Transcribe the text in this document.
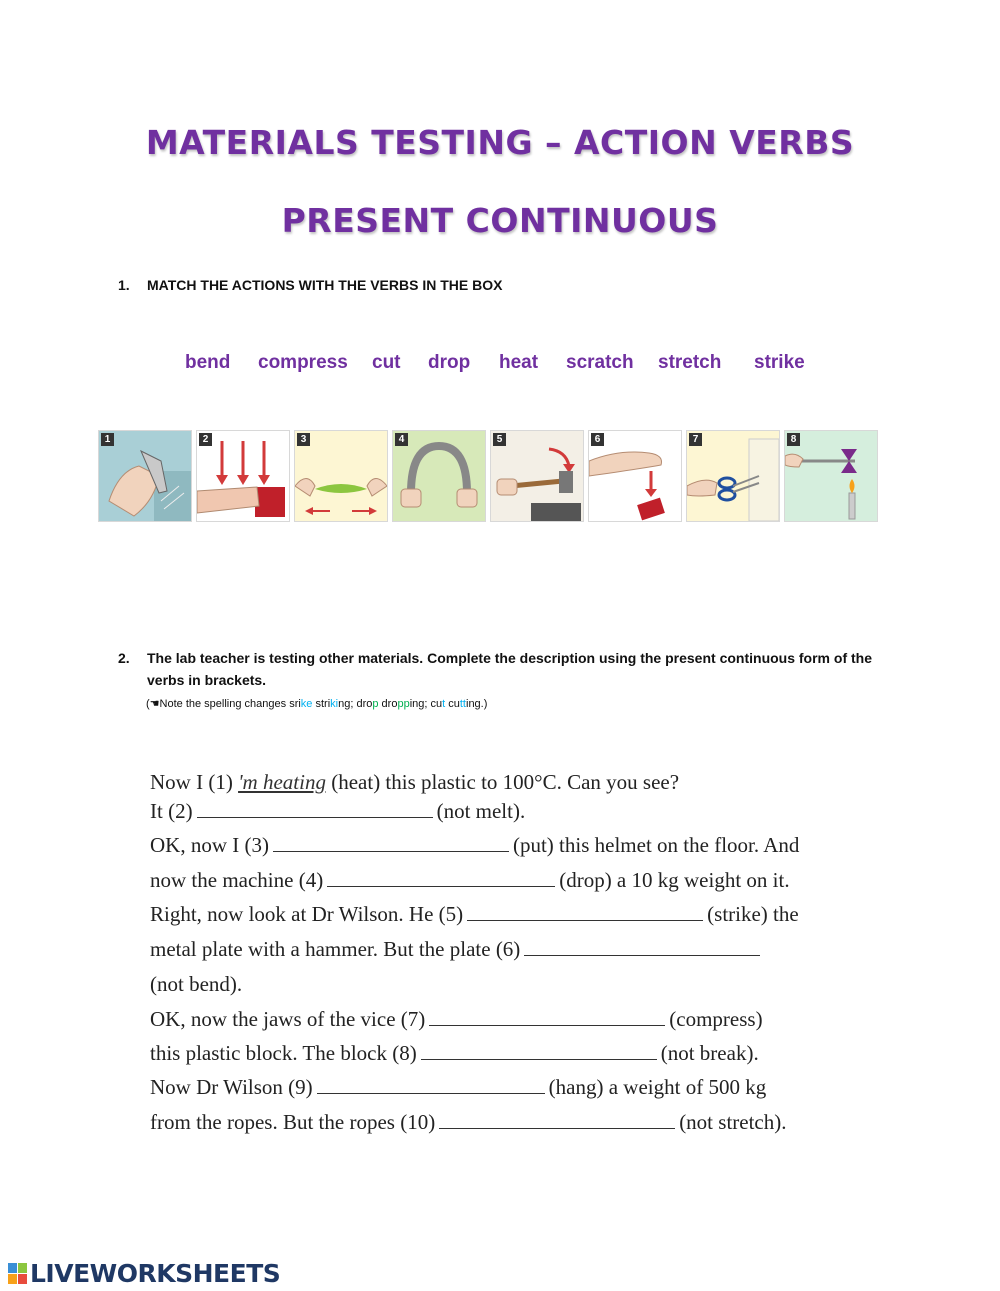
MATERIALS TESTING – ACTION VERBS
PRESENT CONTINUOUS
1. MATCH THE ACTIONS WITH THE VERBS IN THE BOX
bend compress cut drop heat scratch stretch strike
1	2	3	4	5	6	7	8
2. The lab teacher is testing other materials. Complete the description using the present continuous form of the verbs in brackets.
(☚Note the spelling changes srike striking; drop dropping; cut cutting.)
Now I (1) 'm heating (heat) this plastic to 100°C. Can you see?
It (2)	(not melt).
OK, now I (3)	(put) this helmet on the floor. And
now the machine (4)	(drop) a 10 kg weight on it.
Right, now look at Dr Wilson. He (5)	(strike) the
metal plate with a hammer. But the plate (6)
(not bend).
OK, now the jaws of the vice (7)	(compress)
this plastic block. The block (8)	(not break).
Now Dr Wilson (9)	(hang) a weight of 500 kg
from the ropes. But the ropes (10)	(not stretch).
LIVEWORKSHEETS
